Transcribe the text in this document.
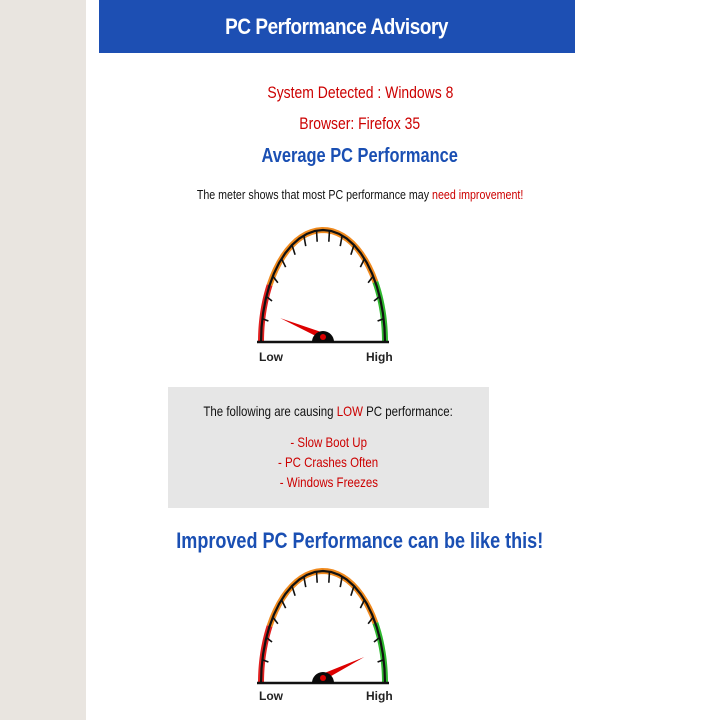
PC Performance Advisory
System Detected : Windows 8
Browser: Firefox 35
Average PC Performance
The meter shows that most PC performance may need improvement!
Low	High
The following are causing LOW PC performance:
- Slow Boot Up
- PC Crashes Often
- Windows Freezes
Improved PC Performance can be like this!
Low	High
